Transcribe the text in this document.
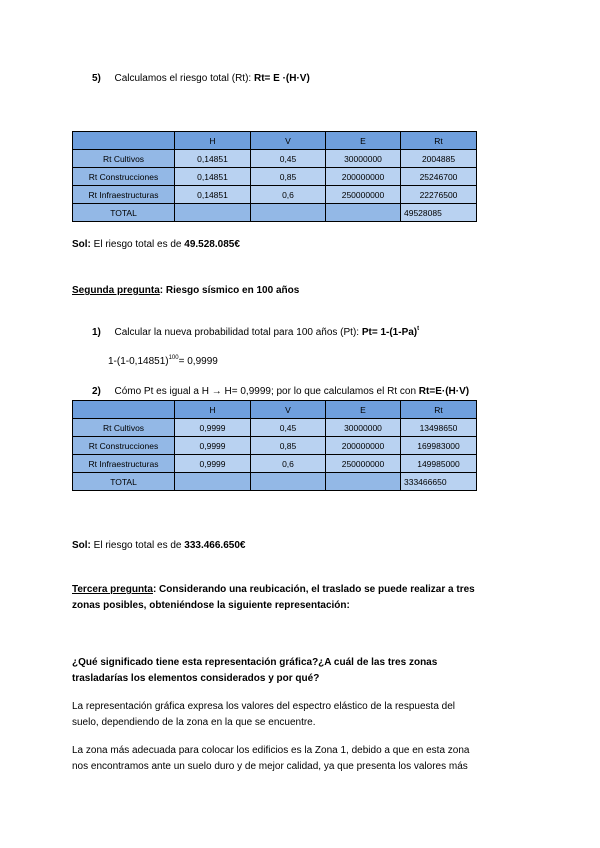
5) Calculamos el riesgo total (Rt): Rt= E ·(H·V)
	H	V	E	Rt
Rt Cultivos	0,14851	0,45	30000000	2004885
Rt Construcciones	0,14851	0,85	200000000	25246700
Rt Infraestructuras	0,14851	0,6	250000000	22276500
TOTAL				49528085
Sol: El riesgo total es de 49.528.085€
Segunda pregunta: Riesgo sísmico en 100 años
1) Calcular la nueva probabilidad total para 100 años (Pt): $Pt= 1-(1-Pa)^t$
$1-(1-0,14851)^{100}= 0,9999$
2) Cómo Pt es igual a H → H= 0,9999; por lo que calculamos el Rt con Rt=E·(H·V)
	H	V	E	Rt
Rt Cultivos	0,9999	0,45	30000000	13498650
Rt Construcciones	0,9999	0,85	200000000	169983000
Rt Infraestructuras	0,9999	0,6	250000000	149985000
TOTAL				333466650
Sol: El riesgo total es de 333.466.650€
Tercera pregunta: Considerando una reubicación, el traslado se puede realizar a tres
zonas posibles, obteniéndose la siguiente representación:
¿Qué significado tiene esta representación gráfica?¿A cuál de las tres zonas
trasladarías los elementos considerados y por qué?
La representación gráfica expresa los valores del espectro elástico de la respuesta del
suelo, dependiendo de la zona en la que se encuentre.
La zona más adecuada para colocar los edificios es la Zona 1, debido a que en esta zona
nos encontramos ante un suelo duro y de mejor calidad, ya que presenta los valores más
